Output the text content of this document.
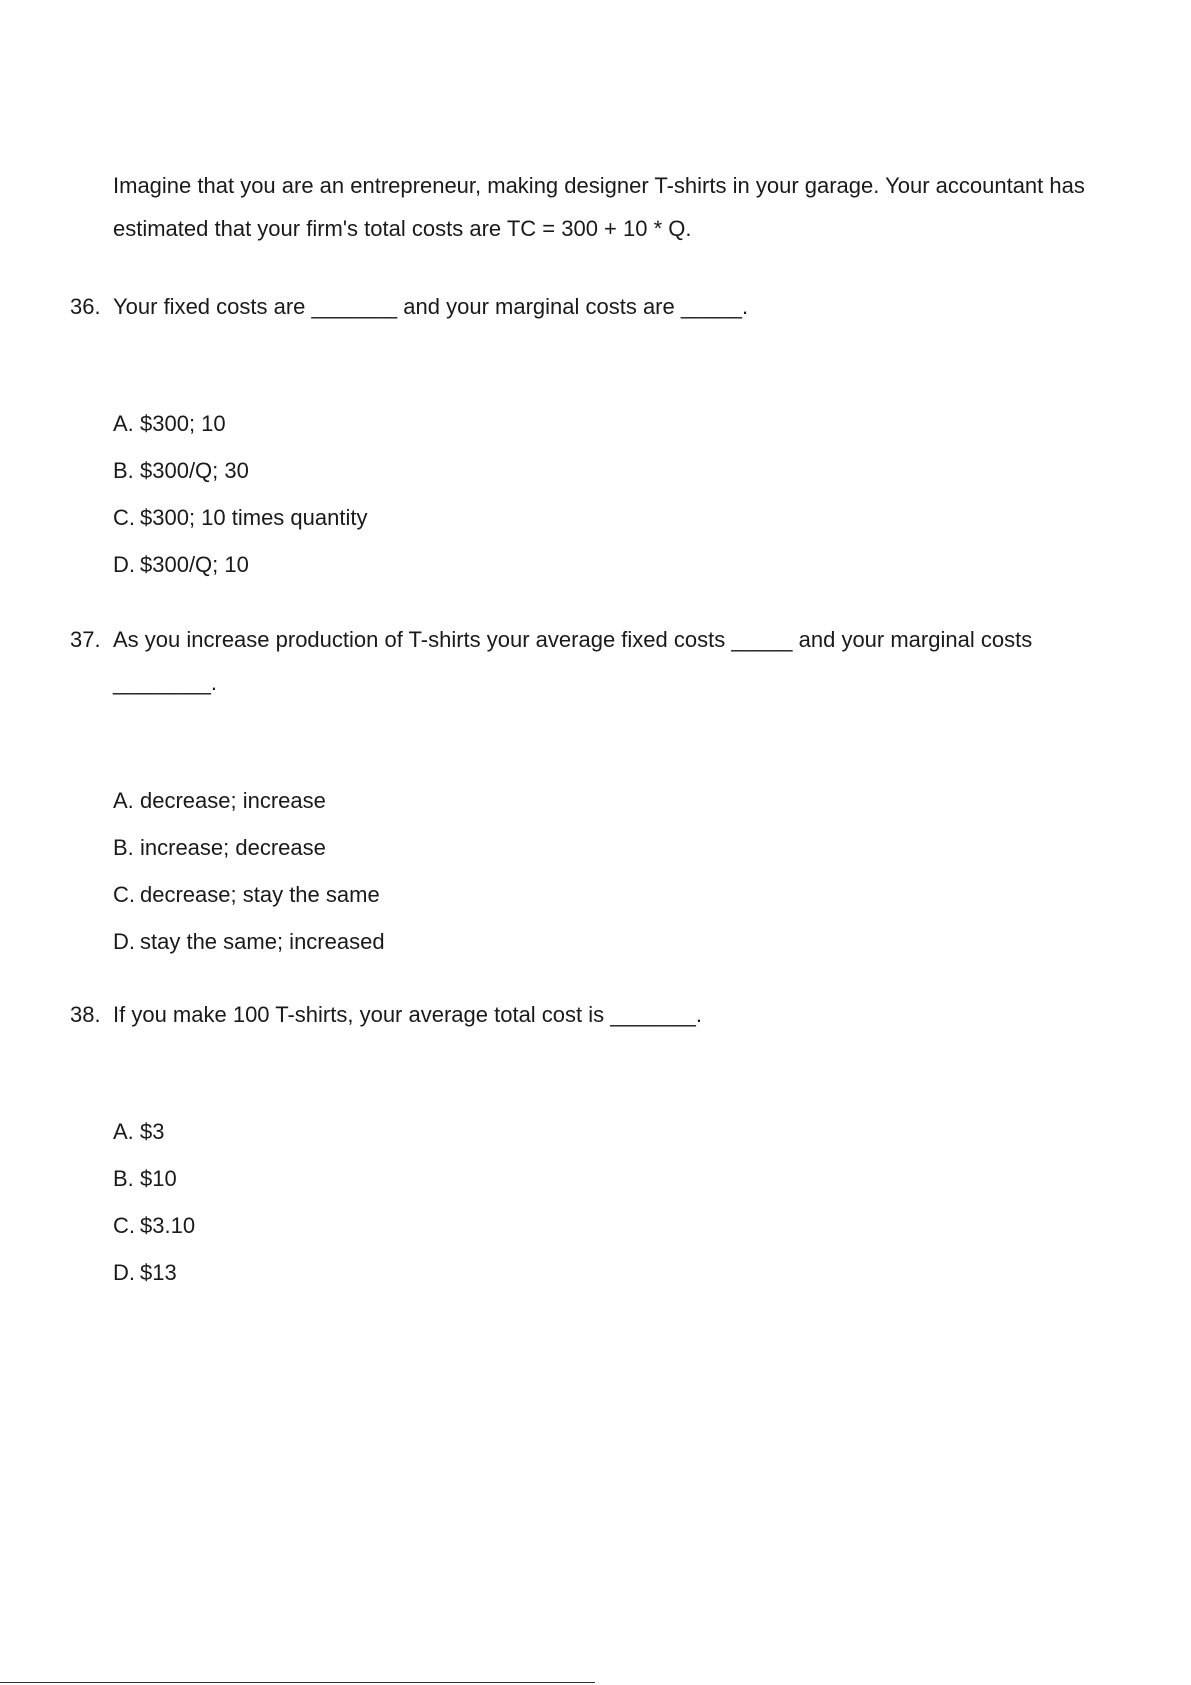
Imagine that you are an entrepreneur, making designer T-shirts in your garage. Your accountant has estimated that your firm's total costs are TC = 300 + 10 * Q.

36. Your fixed costs are _______ and your marginal costs are _____.

A. $300; 10
B. $300/Q; 30
C. $300; 10 times quantity
D. $300/Q; 10
37. As you increase production of T-shirts your average fixed costs _____ and your marginal costs ________.

A. decrease; increase
B. increase; decrease
C. decrease; stay the same
D. stay the same; increased
38. If you make 100 T-shirts, your average total cost is _______.

A. $3
B. $10
C. $3.10
D. $13
